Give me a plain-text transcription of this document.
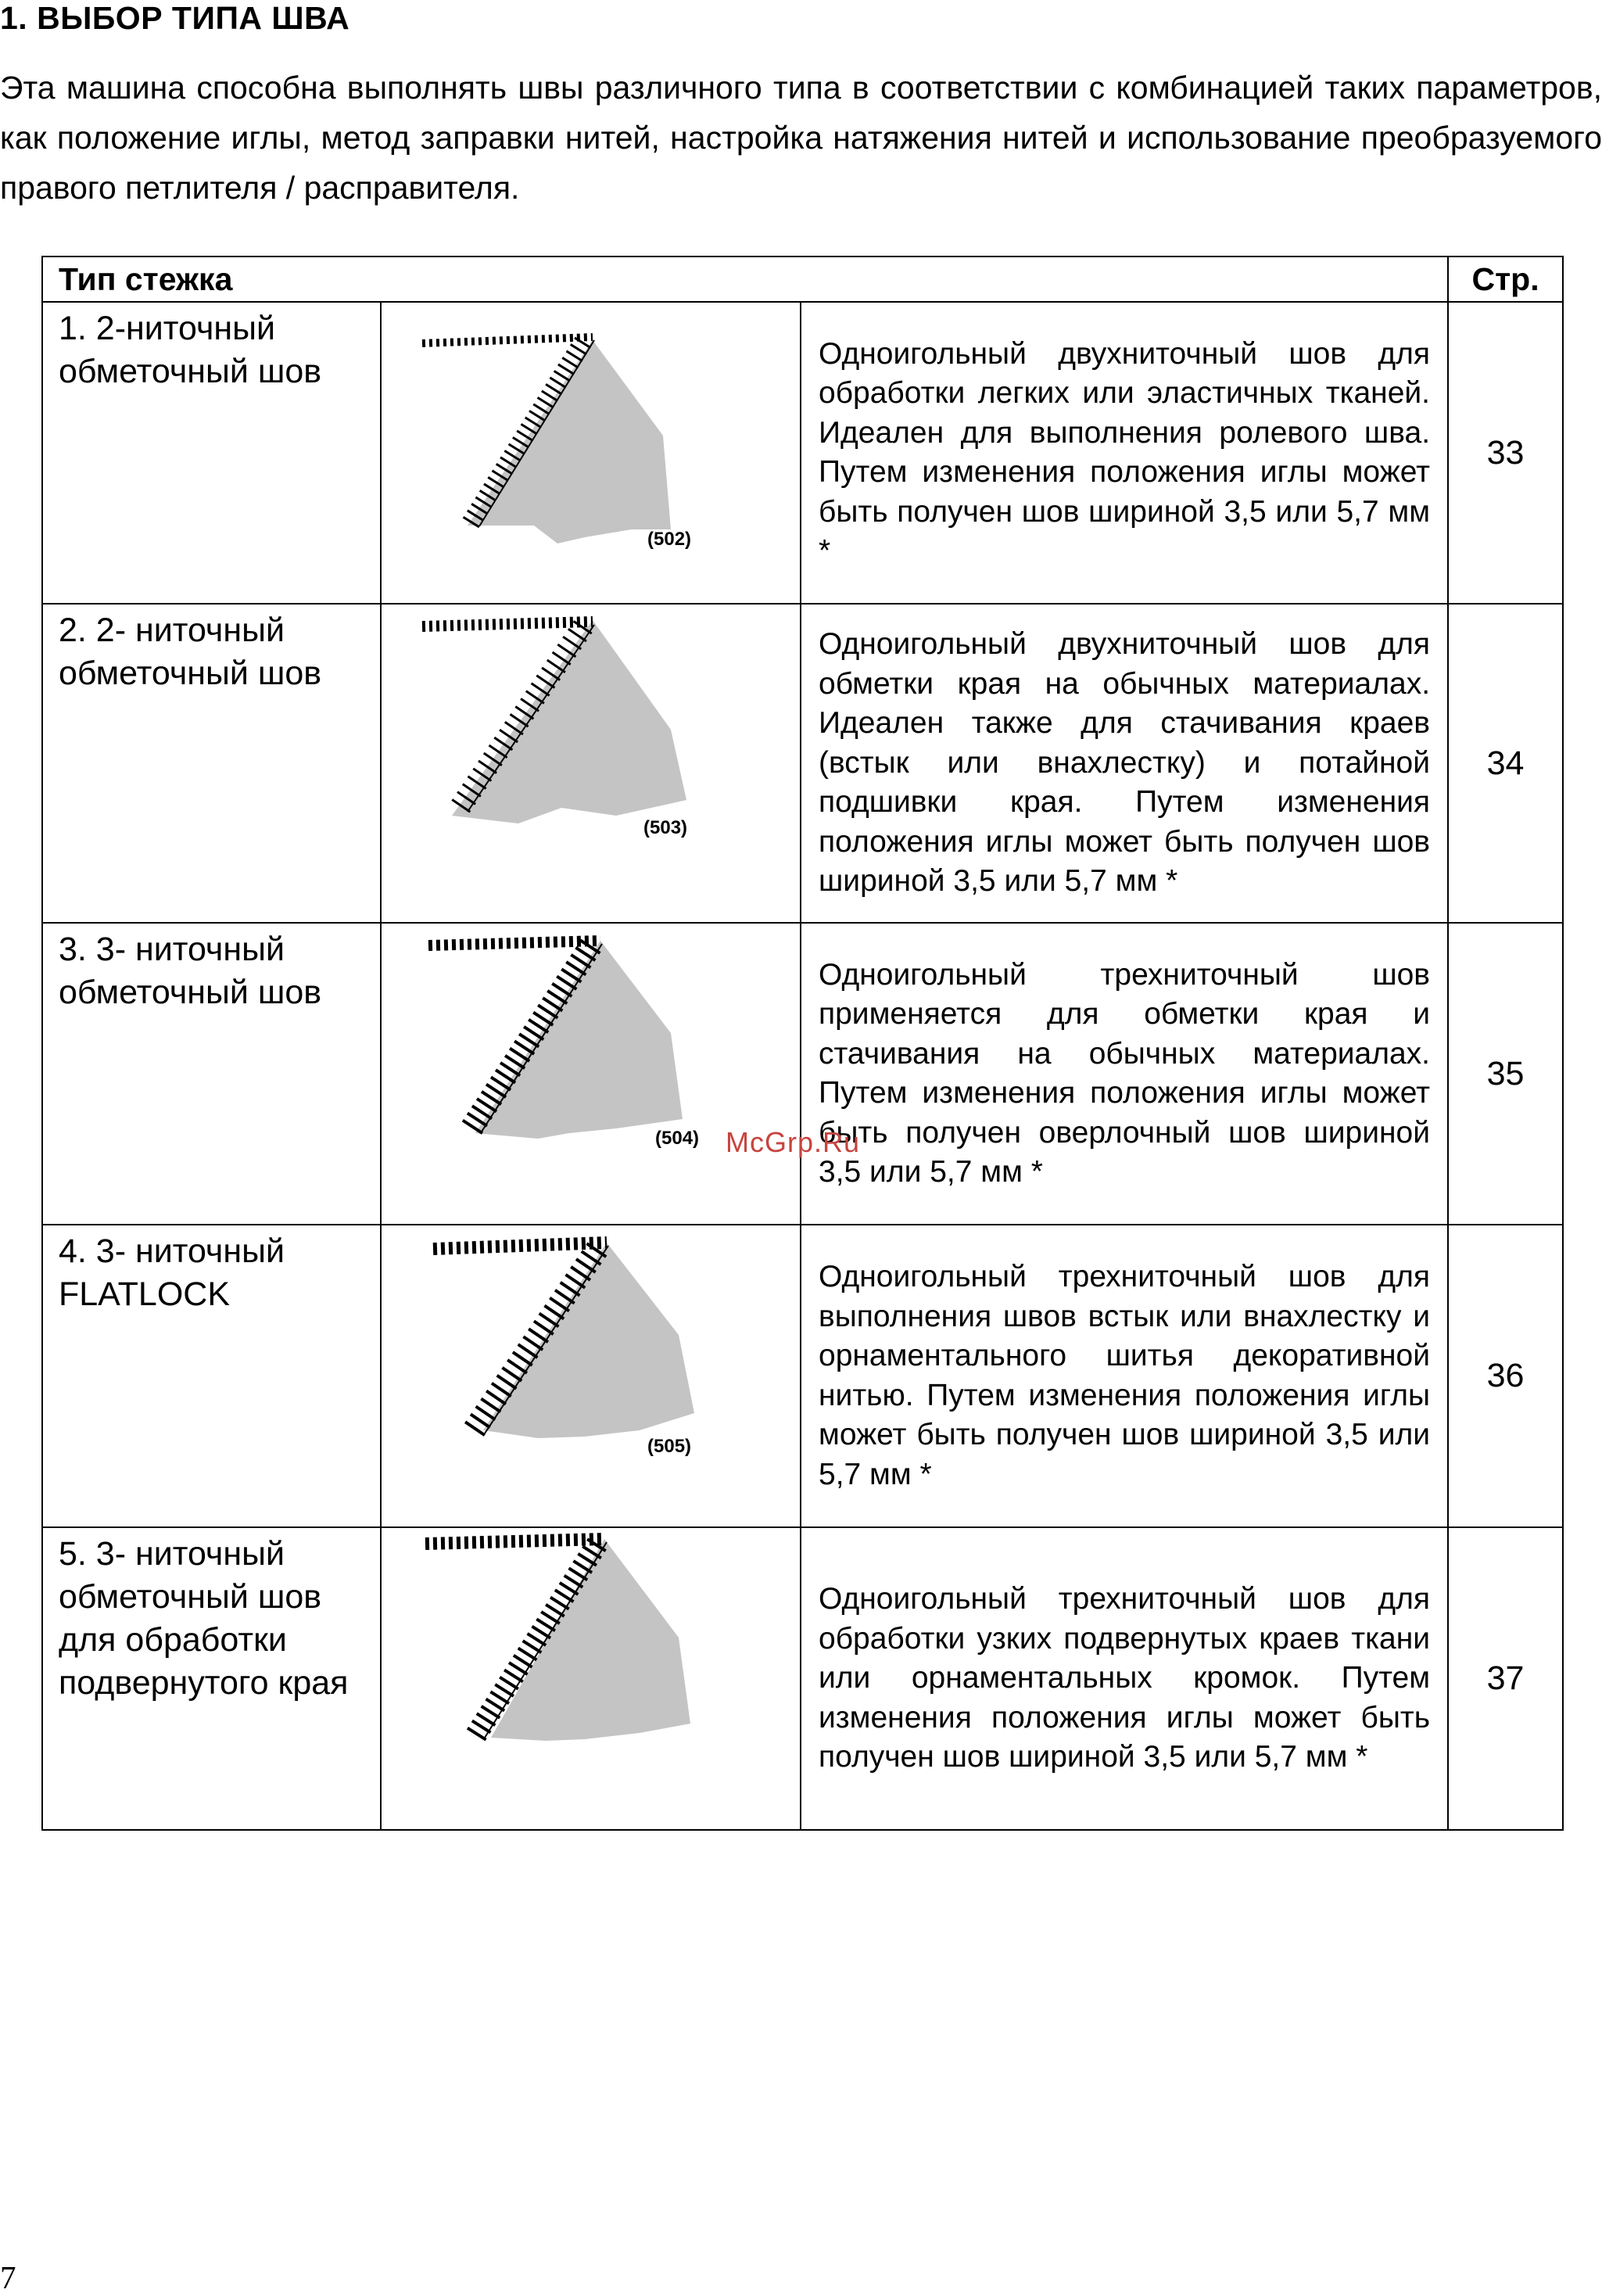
1. ВЫБОР ТИПА ШВА
Эта машина способна выполнять швы различного типа в соответствии с комбинацией таких параметров, как положение иглы, метод заправки нитей, настройка натяжения нитей и использование преобразуемого правого петлителя / расправителя.
Тип стежка			Стр.
1. 2-ниточный обметочный шов	(502)	Одноигольный двухниточный шов для обработки легких или эластичных тканей. Идеален для выполнения ролевого шва. Путем изменения положения иглы может быть получен шов шириной 3,5 или 5,7 мм *	33
2. 2- ниточный обметочный шов	(503)	Одноигольный двухниточный шов для обметки края на обычных материалах. Идеален также для стачивания краев (встык или внахлестку) и потайной подшивки края. Путем изменения положения иглы может быть получен шов шириной 3,5 или 5,7 мм *	34
3. 3- ниточный обметочный шов	(504)	Одноигольный трехниточный шов применяется для обметки края и стачивания на обычных материалах. Путем изменения положения иглы может быть получен оверлочный шов шириной 3,5 или 5,7 мм *	35
4. 3- ниточный FLATLOCK	(505)	Одноигольный трехниточный шов для выполнения швов встык или внахлестку и орнаментального шитья декоративной нитью. Путем изменения положения иглы может быть получен шов шириной 3,5 или 5,7 мм *	36
5. 3- ниточный обметочный шов для обработки подвернутого края		Одноигольный трехниточный шов для обработки узких подвернутых краев ткани или орнаментальных кромок. Путем изменения положения иглы может быть получен шов шириной 3,5 или 5,7 мм *	37
McGrp.Ru
7
